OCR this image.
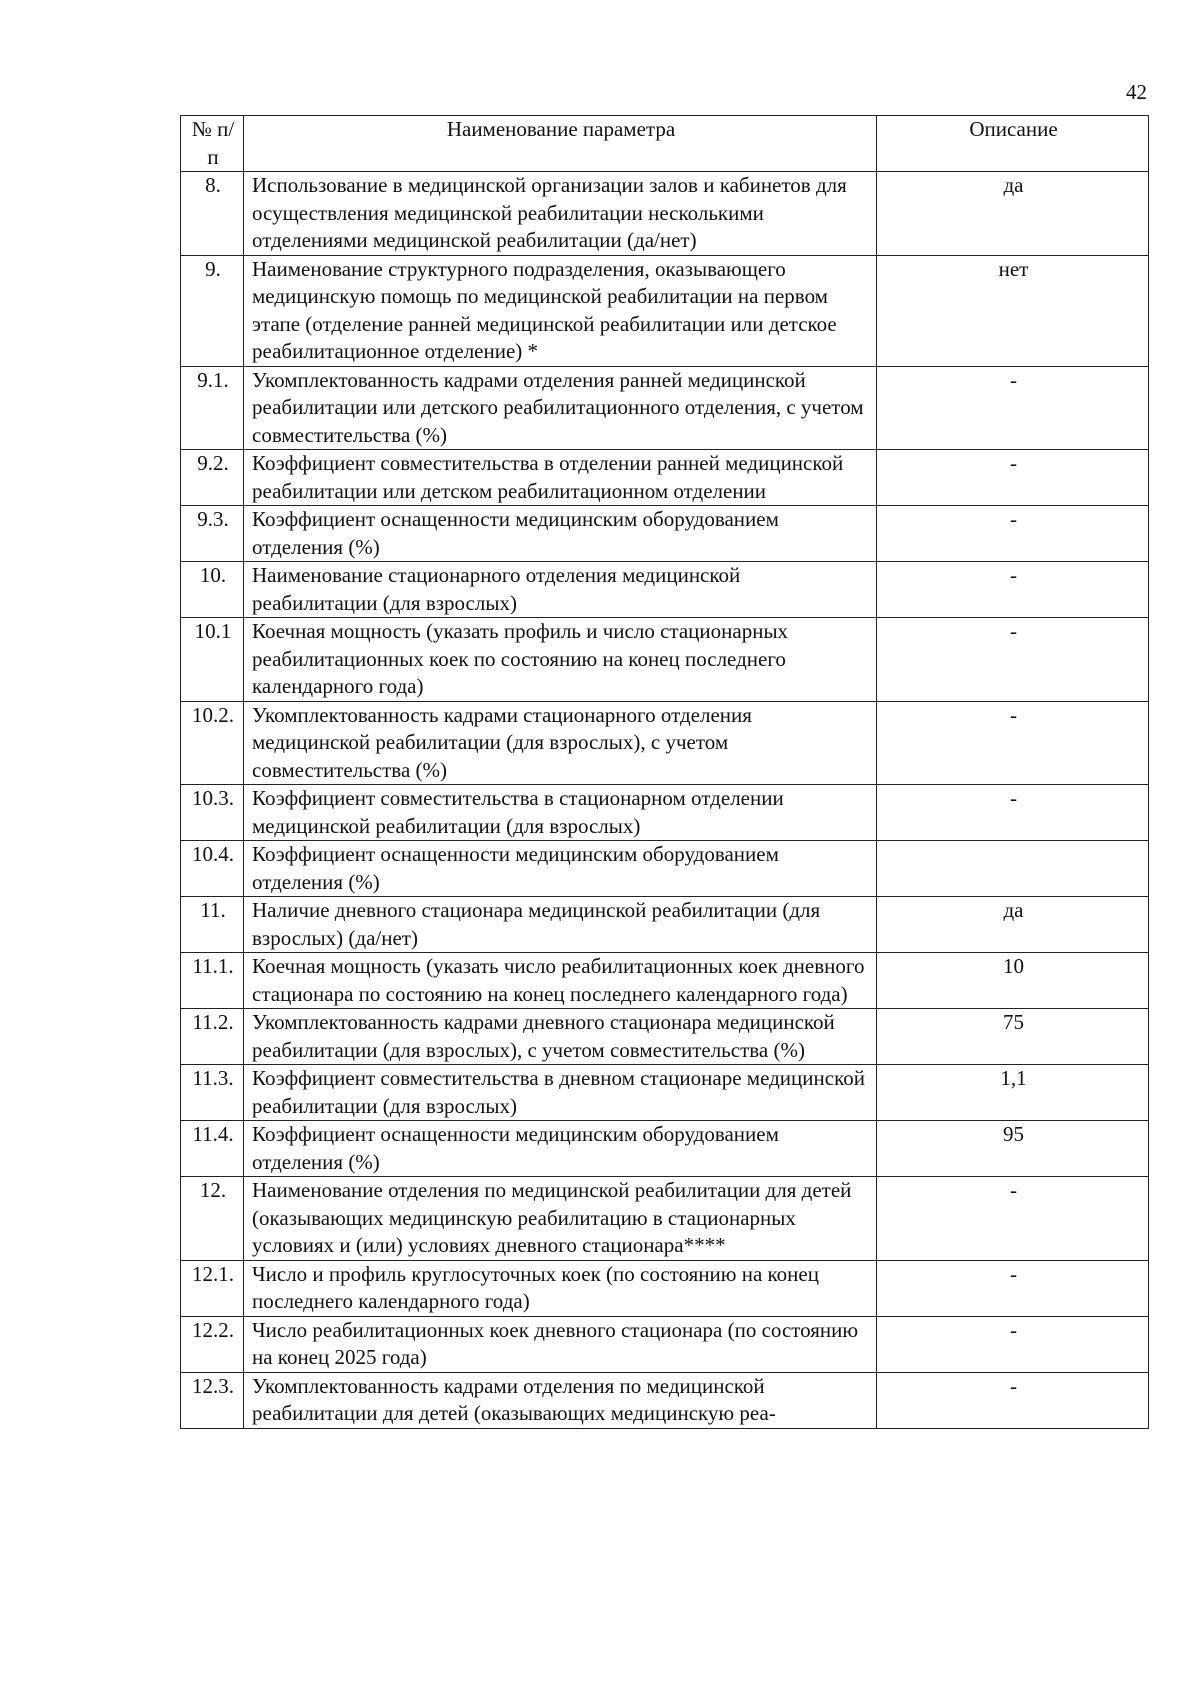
42
№ п/п	Наименование параметра	Описание
8.	Использование в медицинской организации залов и кабинетов для осуществления медицинской реабилитации несколькими отделениями медицинской реабилитации (да/нет)	да
9.	Наименование структурного подразделения, оказывающего медицинскую помощь по медицинской реабилитации на первом этапе (отделение ранней медицинской реабилитации или детское реабилитационное отделение) *	нет
9.1.	Укомплектованность кадрами отделения ранней медицинской реабилитации или детского реабилитационного отделения, с учетом совместительства (%)	-
9.2.	Коэффициент совместительства в отделении ранней медицинской реабилитации или детском реабилитационном отделении	-
9.3.	Коэффициент оснащенности медицинским оборудованием отделения (%)	-
10.	Наименование стационарного отделения медицинской реабилитации (для взрослых)	-
10.1	Коечная мощность (указать профиль и число стационарных реабилитационных коек по состоянию на конец последнего календарного года)	-
10.2.	Укомплектованность кадрами стационарного отделения медицинской реабилитации (для взрослых), с учетом совместительства (%)	-
10.3.	Коэффициент совместительства в стационарном отделении медицинской реабилитации (для взрослых)	-
10.4.	Коэффициент оснащенности медицинским оборудованием отделения (%)	
11.	Наличие дневного стационара медицинской реабилитации (для взрослых) (да/нет)	да
11.1.	Коечная мощность (указать число реабилитационных коек дневного стационара по состоянию на конец последнего календарного года)	10
11.2.	Укомплектованность кадрами дневного стационара медицинской реабилитации (для взрослых), с учетом совместительства (%)	75
11.3.	Коэффициент совместительства в дневном стационаре медицинской реабилитации (для взрослых)	1,1
11.4.	Коэффициент оснащенности медицинским оборудованием отделения (%)	95
12.	Наименование отделения по медицинской реабилитации для детей (оказывающих медицинскую реабилитацию в стационарных условиях и (или) условиях дневного стационара****	-
12.1.	Число и профиль круглосуточных коек (по состоянию на конец последнего календарного года)	-
12.2.	Число реабилитационных коек дневного стационара (по состоянию на конец 2025 года)	-
12.3.	Укомплектованность кадрами отделения по медицинской реабилитации для детей (оказывающих медицинскую реа-	-
